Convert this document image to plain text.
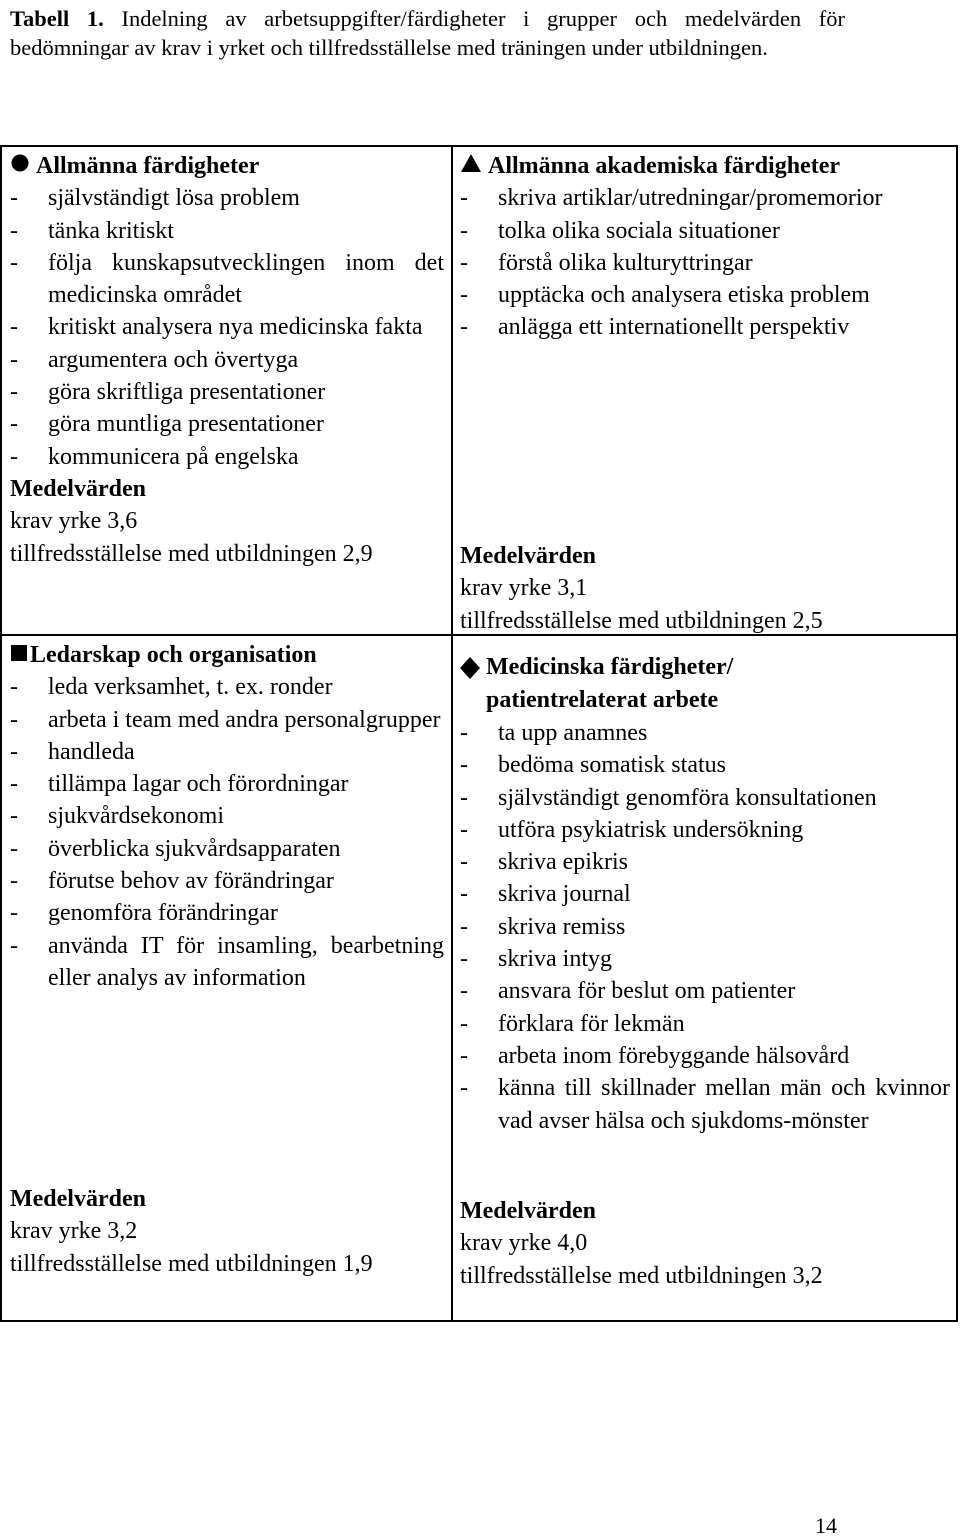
Tabell 1. Indelning av arbetsuppgifter/färdigheter i grupper och medelvärden för bedömningar av krav i yrket och tillfredsställelse med träningen under utbildningen.
Allmänna färdigheter
-	självständigt lösa problem
-	tänka kritiskt
-	följa kunskapsutvecklingen inom det medicinska området
-	kritiskt analysera nya medicinska fakta
-	argumentera och övertyga
-	göra skriftliga presentationer
-	göra muntliga presentationer
-	kommunicera på engelska
Medelvärden
krav yrke 3,6
tillfredsställelse med utbildningen 2,9
Allmänna akademiska färdigheter
-	skriva artiklar/utredningar/promemorior
-	tolka olika sociala situationer
-	förstå olika kulturyttringar
-	upptäcka och analysera etiska problem
-	anlägga ett internationellt perspektiv
Medelvärden
krav yrke 3,1
tillfredsställelse med utbildningen 2,5
Ledarskap och organisation
-	leda verksamhet, t. ex. ronder
-	arbeta i team med andra personalgrupper
-	handleda
-	tillämpa lagar och förordningar
-	sjukvårdsekonomi
-	överblicka sjukvårdsapparaten
-	förutse behov av förändringar
-	genomföra förändringar
-	använda IT för insamling, bearbetning eller analys av information
Medelvärden
krav yrke 3,2
tillfredsställelse med utbildningen 1,9
Medicinska färdigheter/ patientrelaterat arbete
-	ta upp anamnes
-	bedöma somatisk status
-	självständigt genomföra konsultationen
-	utföra psykiatrisk undersökning
-	skriva epikris
-	skriva journal
-	skriva remiss
-	skriva intyg
-	ansvara för beslut om patienter
-	förklara för lekmän
-	arbeta inom förebyggande hälsovård
-	känna till skillnader mellan män och kvinnor vad avser hälsa och sjukdoms-mönster
Medelvärden
krav yrke 4,0
tillfredsställelse med utbildningen 3,2
14
